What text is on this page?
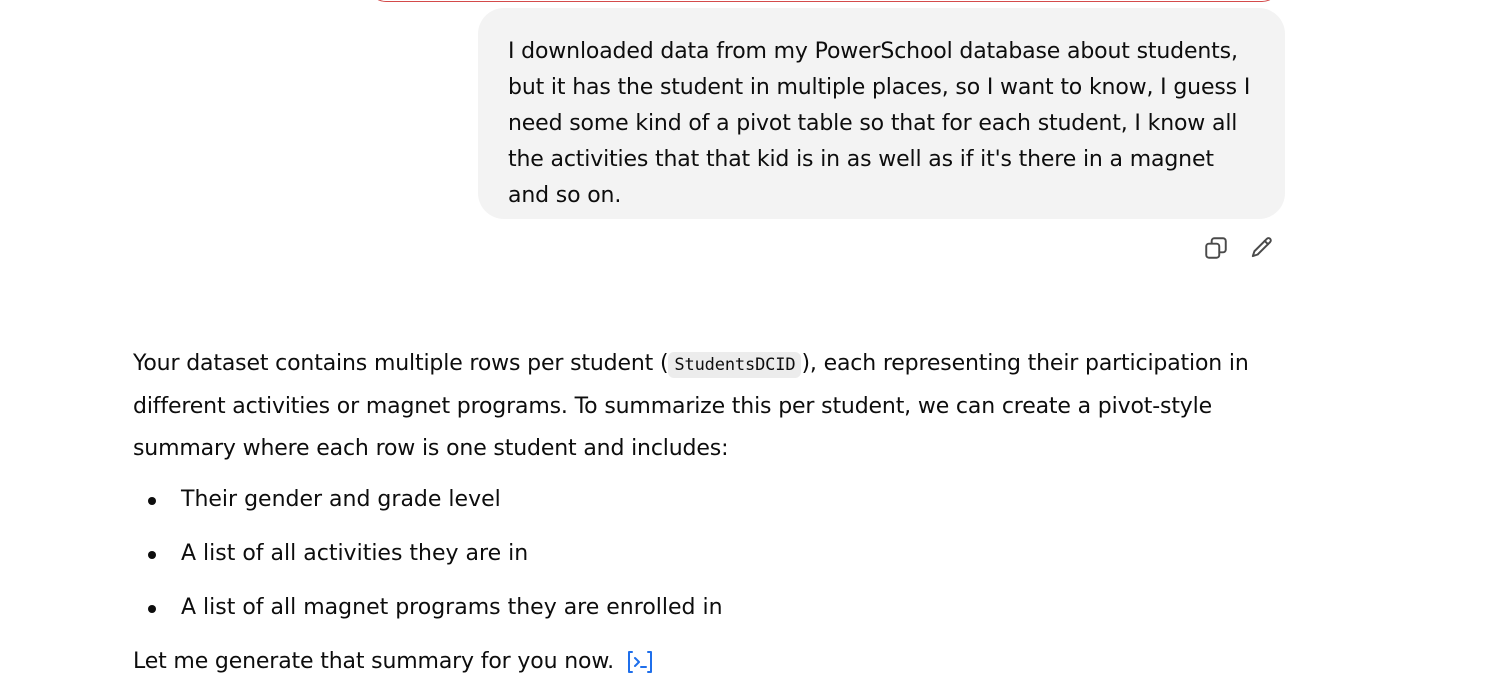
I downloaded data from my PowerSchool database about students, but it has the student in multiple places, so I want to know, I guess I need some kind of a pivot table so that for each student, I know all the activities that that kid is in as well as if it's there in a magnet and so on.

Your dataset contains multiple rows per student ( StudentsDCID ), each representing their participation in different activities or magnet programs. To summarize this per student, we can create a pivot-style summary where each row is one student and includes:

Their gender and grade level
A list of all activities they are in
A list of all magnet programs they are enrolled in

Let me generate that summary for you now.
